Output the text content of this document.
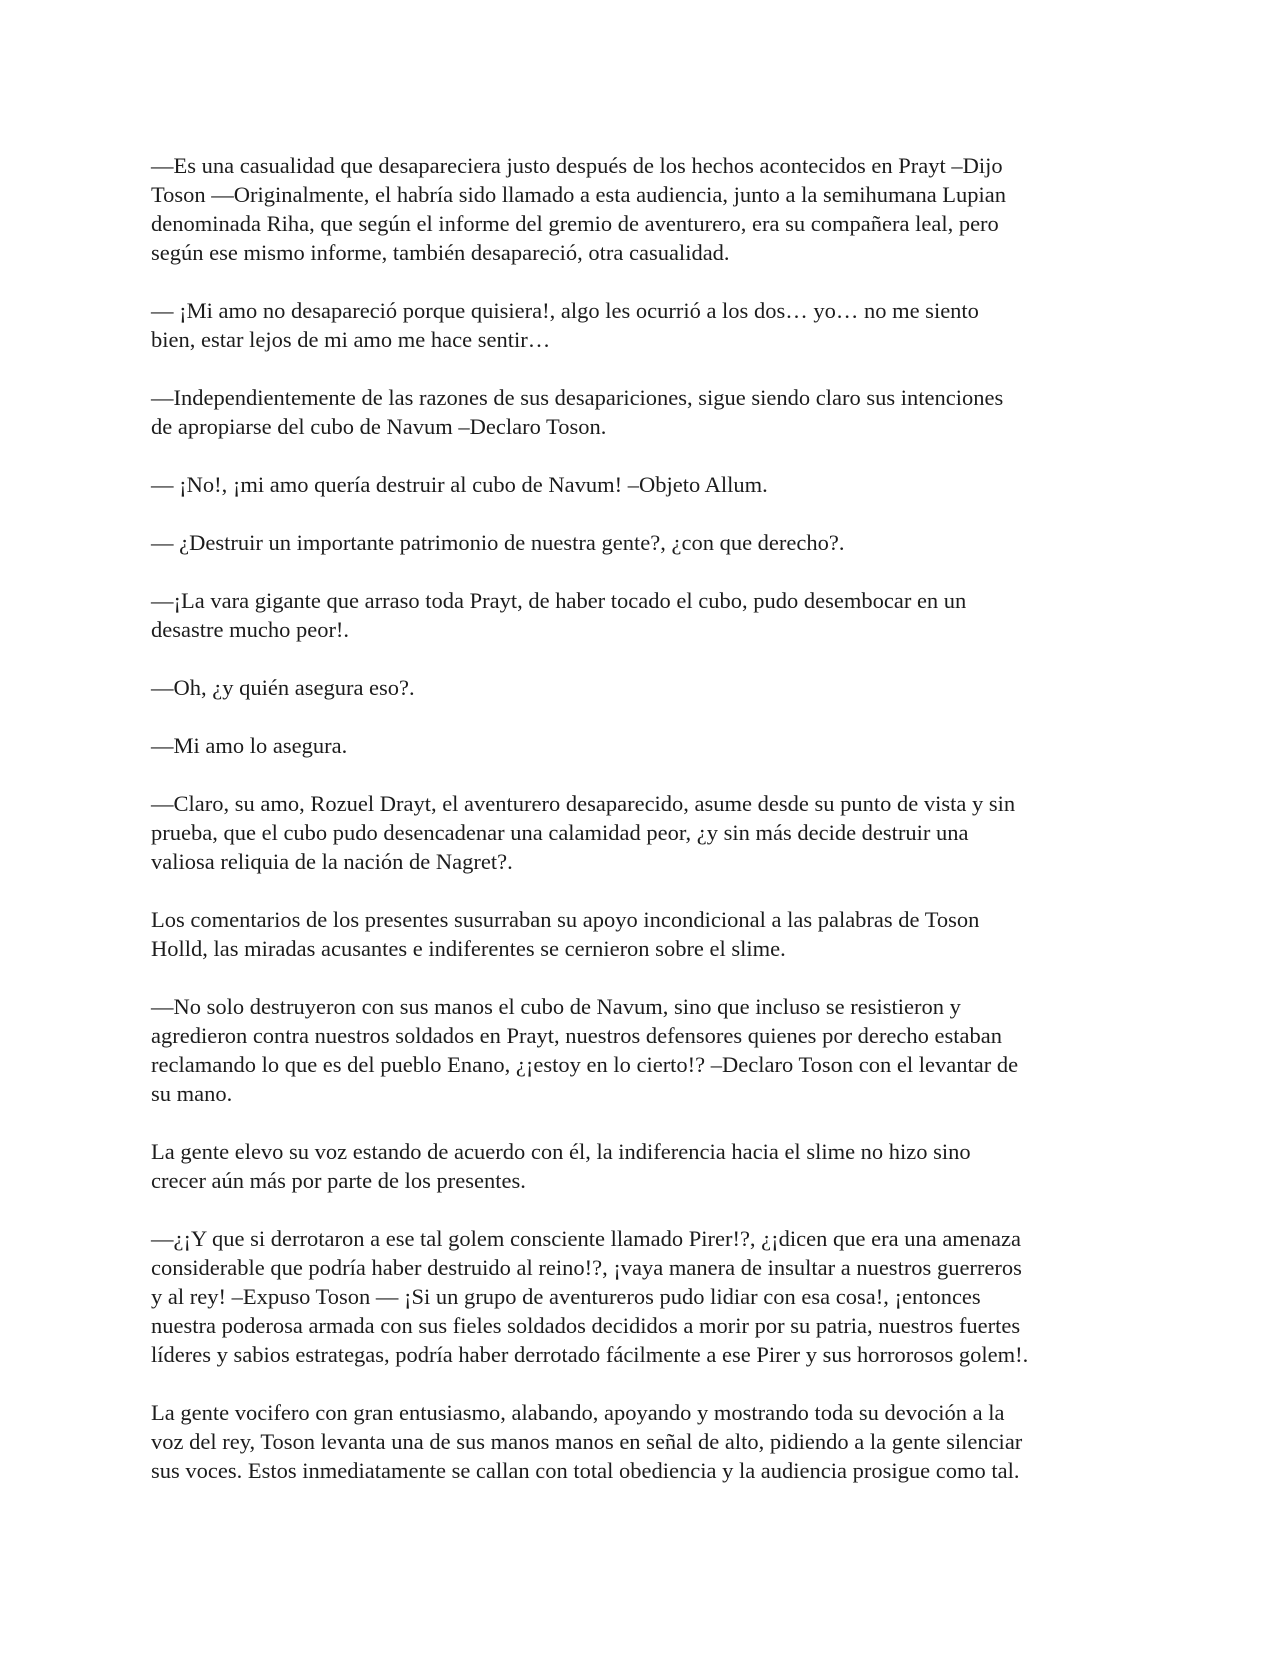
—Es una casualidad que desapareciera justo después de los hechos acontecidos en Prayt –Dijo
Toson —Originalmente, el habría sido llamado a esta audiencia, junto a la semihumana Lupian
denominada Riha, que según el informe del gremio de aventurero, era su compañera leal, pero
según ese mismo informe, también desapareció, otra casualidad.

— ¡Mi amo no desapareció porque quisiera!, algo les ocurrió a los dos… yo… no me siento
bien, estar lejos de mi amo me hace sentir…

—Independientemente de las razones de sus desapariciones, sigue siendo claro sus intenciones
de apropiarse del cubo de Navum –Declaro Toson.

— ¡No!, ¡mi amo quería destruir al cubo de Navum! –Objeto Allum.

— ¿Destruir un importante patrimonio de nuestra gente?, ¿con que derecho?.

—¡La vara gigante que arraso toda Prayt, de haber tocado el cubo, pudo desembocar en un
desastre mucho peor!.

—Oh, ¿y quién asegura eso?.

—Mi amo lo asegura.

—Claro, su amo, Rozuel Drayt, el aventurero desaparecido, asume desde su punto de vista y sin
prueba, que el cubo pudo desencadenar una calamidad peor, ¿y sin más decide destruir una
valiosa reliquia de la nación de Nagret?.

Los comentarios de los presentes susurraban su apoyo incondicional a las palabras de Toson
Holld, las miradas acusantes e indiferentes se cernieron sobre el slime.

—No solo destruyeron con sus manos el cubo de Navum, sino que incluso se resistieron y
agredieron contra nuestros soldados en Prayt, nuestros defensores quienes por derecho estaban
reclamando lo que es del pueblo Enano, ¿¡estoy en lo cierto!? –Declaro Toson con el levantar de
su mano.

La gente elevo su voz estando de acuerdo con él, la indiferencia hacia el slime no hizo sino
crecer aún más por parte de los presentes.

—¿¡Y que si derrotaron a ese tal golem consciente llamado Pirer!?, ¿¡dicen que era una amenaza
considerable que podría haber destruido al reino!?, ¡vaya manera de insultar a nuestros guerreros
y al rey! –Expuso Toson — ¡Si un grupo de aventureros pudo lidiar con esa cosa!, ¡entonces
nuestra poderosa armada con sus fieles soldados decididos a morir por su patria, nuestros fuertes
líderes y sabios estrategas, podría haber derrotado fácilmente a ese Pirer y sus horrorosos golem!.

La gente vocifero con gran entusiasmo, alabando, apoyando y mostrando toda su devoción a la
voz del rey, Toson levanta una de sus manos manos en señal de alto, pidiendo a la gente silenciar
sus voces. Estos inmediatamente se callan con total obediencia y la audiencia prosigue como tal.
